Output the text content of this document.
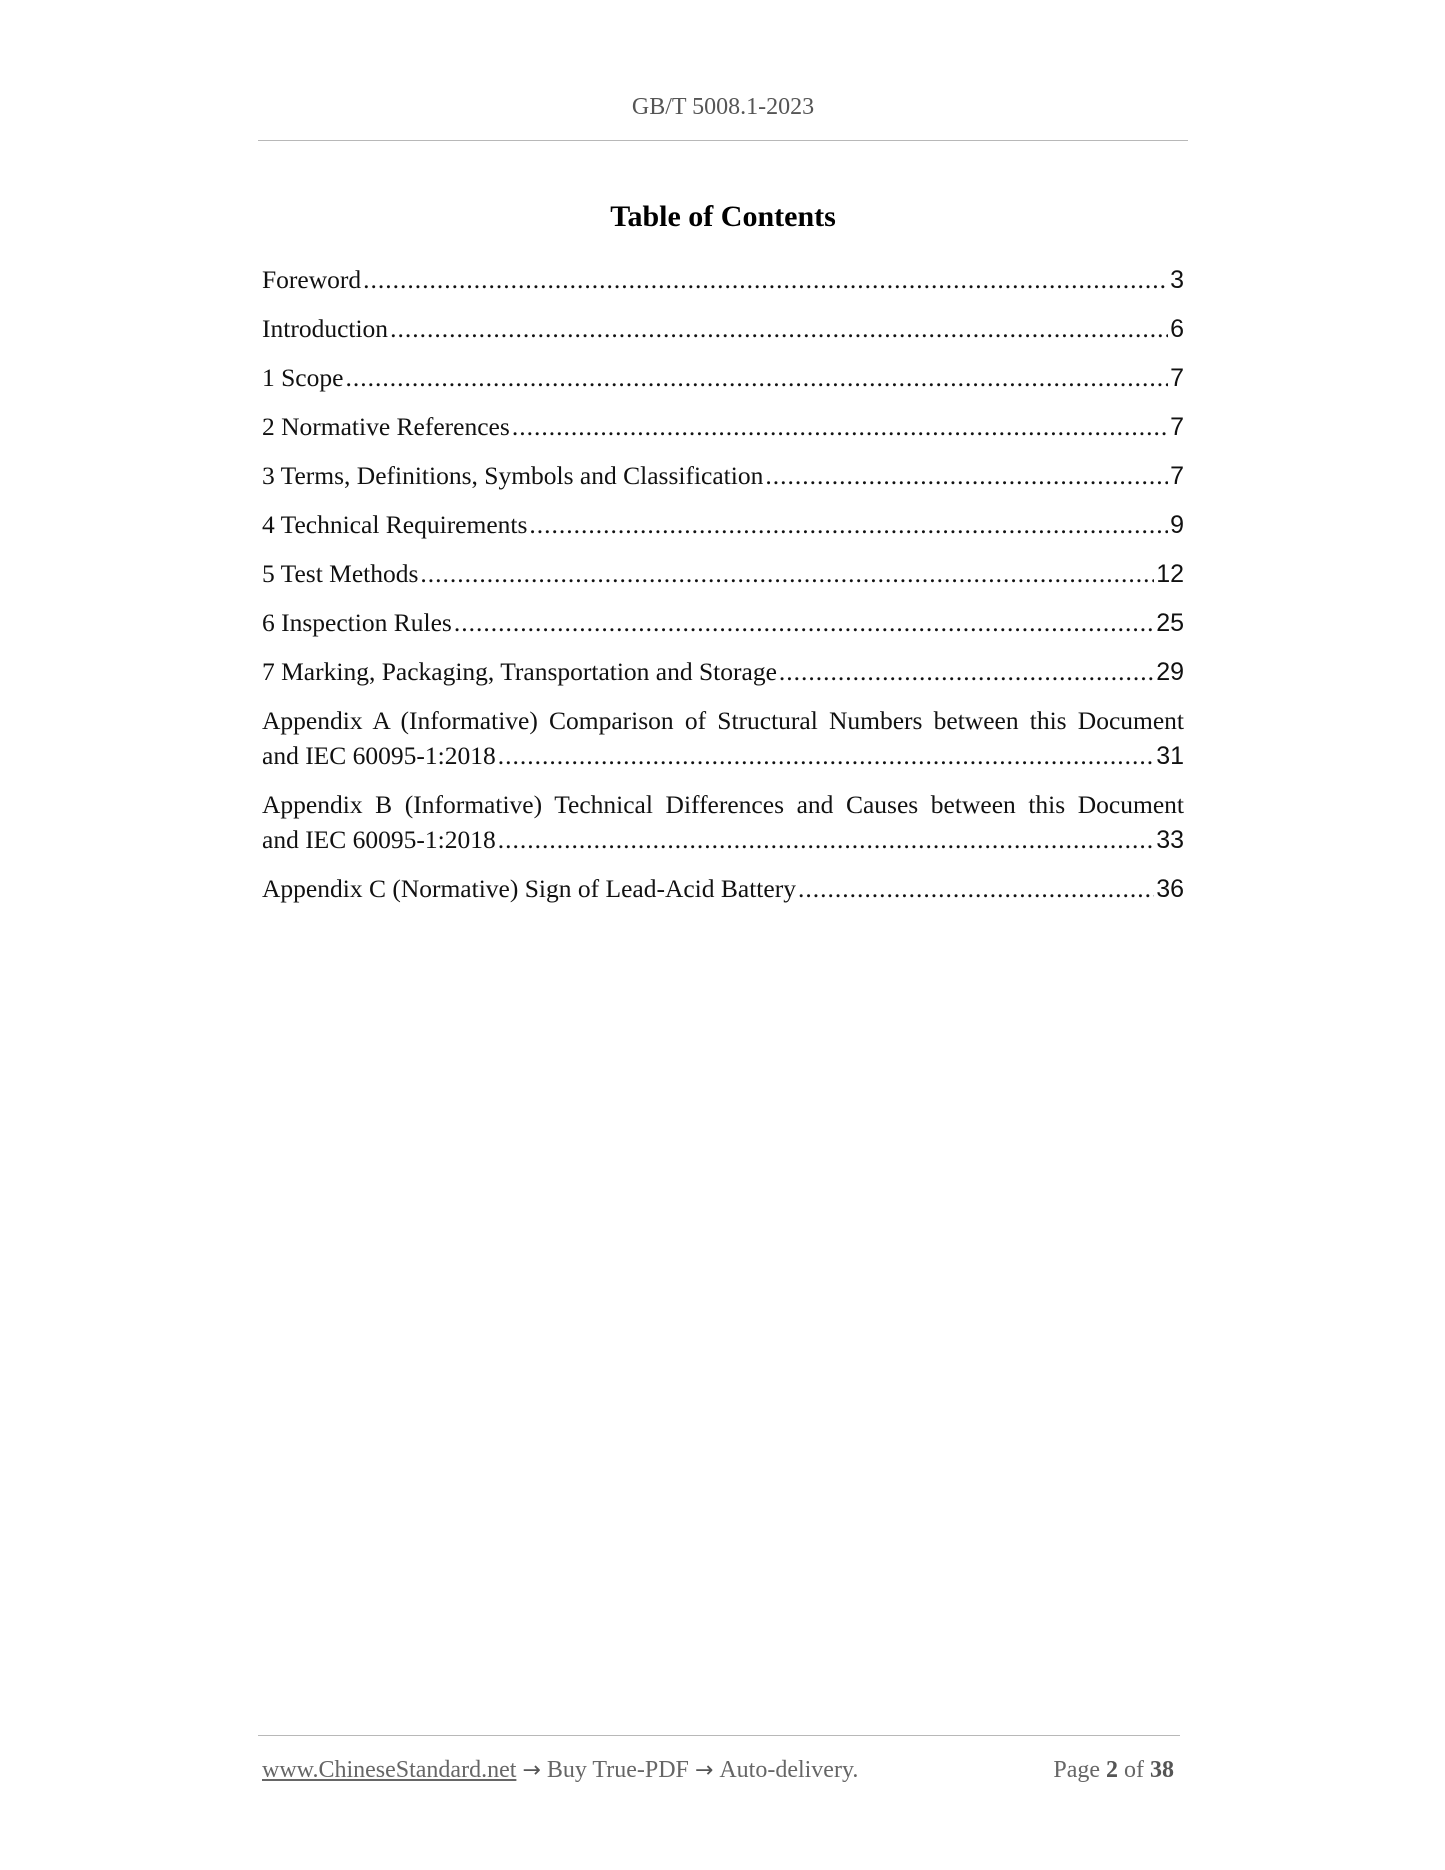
GB/T 5008.1-2023
Table of Contents
Foreword .....	3
Introduction .....	6
1 Scope .....	7
2 Normative References .....	7
3 Terms, Definitions, Symbols and Classification .....	7
4 Technical Requirements .....	9
5 Test Methods .....	12
6 Inspection Rules .....	25
7 Marking, Packaging, Transportation and Storage .....	29
Appendix A (Informative) Comparison of Structural Numbers between this Document
and IEC 60095-1:2018 .....	31
Appendix B (Informative) Technical Differences and Causes between this Document
and IEC 60095-1:2018 .....	33
Appendix C (Normative) Sign of Lead-Acid Battery .....	36
www.ChineseStandard.net → Buy True-PDF → Auto-delivery.	Page 2 of 38
